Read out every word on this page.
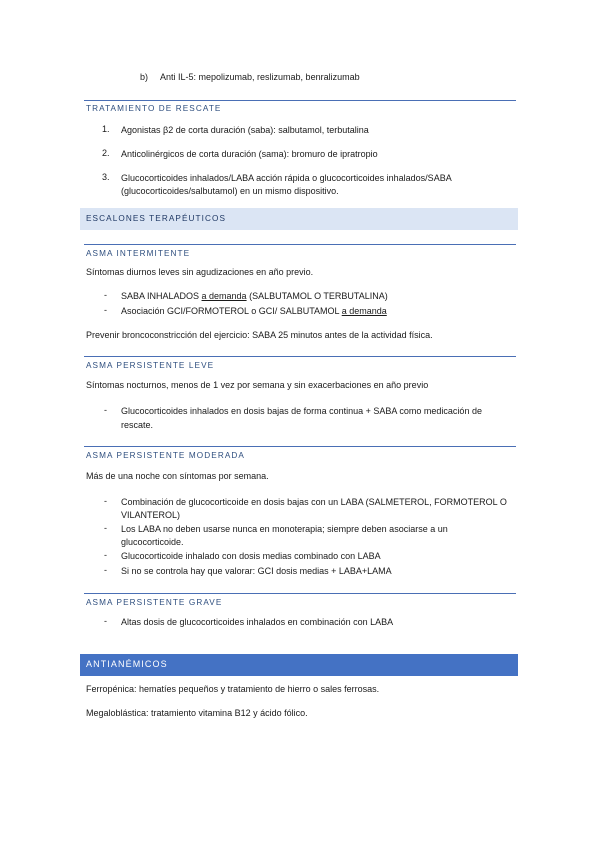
b) Anti IL-5: mepolizumab, reslizumab, benralizumab
TRATAMIENTO DE RESCATE
1. Agonistas β2 de corta duración (saba): salbutamol, terbutalina
2. Anticolinérgicos de corta duración (sama): bromuro de ipratropio
3. Glucocorticoides inhalados/LABA acción rápida o glucocorticoides inhalados/SABA
(glucocorticoides/salbutamol) en un mismo dispositivo.
ESCALONES TERAPÉUTICOS
ASMA INTERMITENTE
Síntomas diurnos leves sin agudizaciones en año previo.
- SABA INHALADOS a demanda (SALBUTAMOL O TERBUTALINA)
- Asociación GCI/FORMOTEROL o GCI/ SALBUTAMOL a demanda
Prevenir broncoconstricción del ejercicio: SABA 25 minutos antes de la actividad física.
ASMA PERSISTENTE LEVE
Síntomas nocturnos, menos de 1 vez por semana y sin exacerbaciones en año previo
- Glucocorticoides inhalados en dosis bajas de forma continua + SABA como medicación de
rescate.
ASMA PERSISTENTE MODERADA
Más de una noche con síntomas por semana.
- Combinación de glucocorticoide en dosis bajas con un LABA (SALMETEROL, FORMOTEROL O
VILANTEROL)
- Los LABA no deben usarse nunca en monoterapia; siempre deben asociarse a un
glucocorticoide.
- Glucocorticoide inhalado con dosis medias combinado con LABA
- Si no se controla hay que valorar: GCI dosis medias + LABA+LAMA
ASMA PERSISTENTE GRAVE
- Altas dosis de glucocorticoides inhalados en combinación con LABA
ANTIANÉMICOS
Ferropénica: hematíes pequeños y tratamiento de hierro o sales ferrosas.
Megaloblástica: tratamiento vitamina B12 y ácido fólico.
